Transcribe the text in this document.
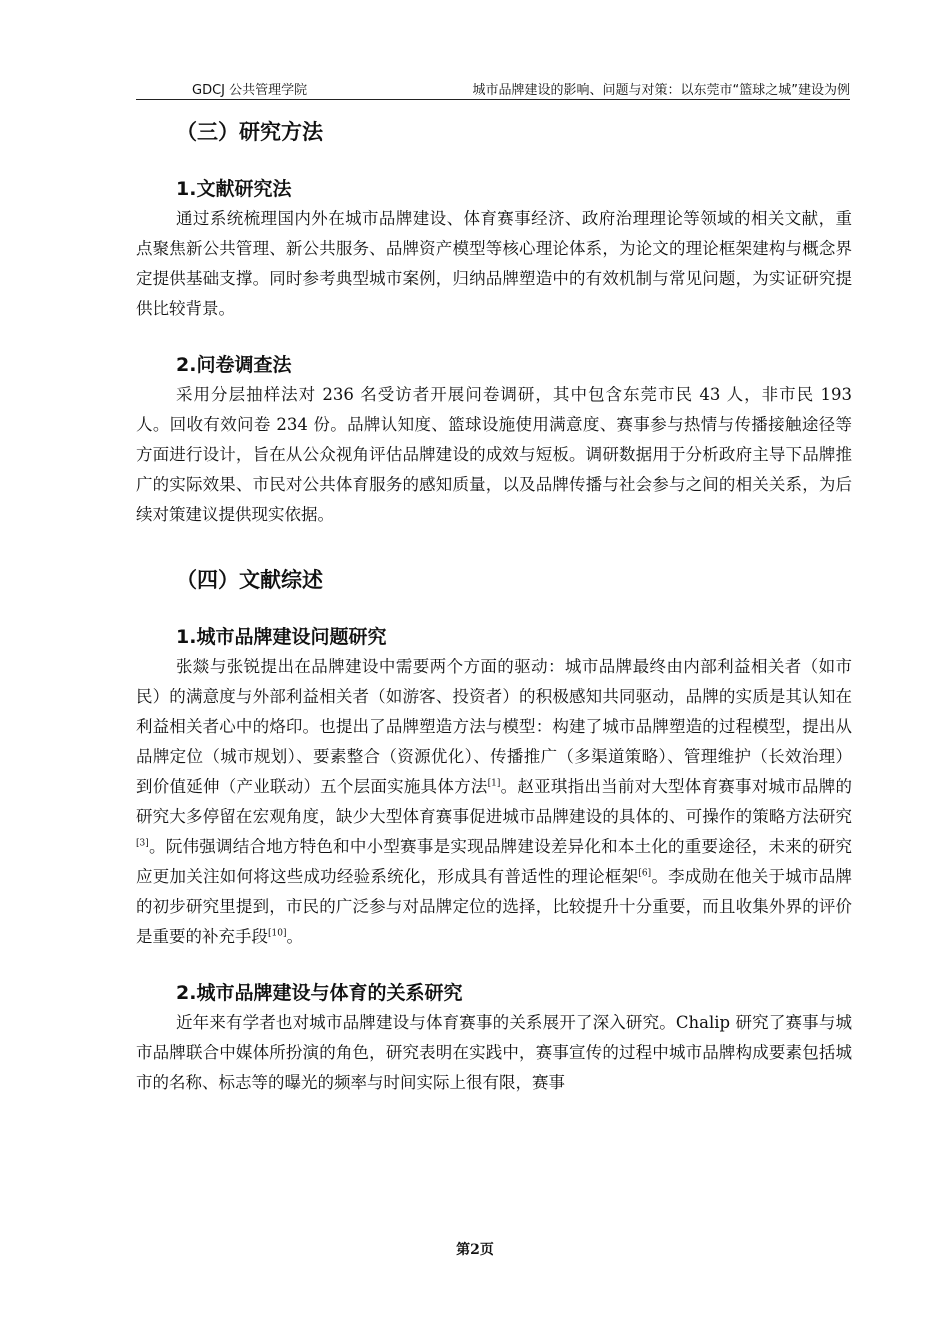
GDCJ 公共管理学院	城市品牌建设的影响、问题与对策：以东莞市“篮球之城”建设为例
（三）研究方法
1.文献研究法

通过系统梳理国内外在城市品牌建设、体育赛事经济、政府治理理论等领域的相关文献，重点聚焦新公共管理、新公共服务、品牌资产模型等核心理论体系，为论文的理论框架建构与概念界定提供基础支撑。同时参考典型城市案例，归纳品牌塑造中的有效机制与常见问题，为实证研究提供比较背景。

2.问卷调查法

采用分层抽样法对 236 名受访者开展问卷调研，其中包含东莞市民 43 人，非市民 193 人。回收有效问卷 234 份。品牌认知度、篮球设施使用满意度、赛事参与热情与传播接触途径等方面进行设计，旨在从公众视角评估品牌建设的成效与短板。调研数据用于分析政府主导下品牌推广的实际效果、市民对公共体育服务的感知质量，以及品牌传播与社会参与之间的相关关系，为后续对策建议提供现实依据。

（四）文献综述
1.城市品牌建设问题研究

张燚与张锐提出在品牌建设中需要两个方面的驱动：城市品牌最终由内部利益相关者（如市民）的满意度与外部利益相关者（如游客、投资者）的积极感知共同驱动，品牌的实质是其认知在利益相关者心中的烙印。也提出了品牌塑造方法与模型：构建了城市品牌塑造的过程模型，提出从品牌定位（城市规划）、要素整合（资源优化）、传播推广（多渠道策略）、管理维护（长效治理）到价值延伸（产业联动）五个层面实施具体方法[1]。赵亚琪指出当前对大型体育赛事对城市品牌的研究大多停留在宏观角度，缺少大型体育赛事促进城市品牌建设的具体的、可操作的策略方法研究[3]。阮伟强调结合地方特色和中小型赛事是实现品牌建设差异化和本土化的重要途径，未来的研究应更加关注如何将这些成功经验系统化，形成具有普适性的理论框架[6]。李成勋在他关于城市品牌的初步研究里提到，市民的广泛参与对品牌定位的选择，比较提升十分重要，而且收集外界的评价是重要的补充手段[10]。

2.城市品牌建设与体育的关系研究

近年来有学者也对城市品牌建设与体育赛事的关系展开了深入研究。Chalip 研究了赛事与城市品牌联合中媒体所扮演的角色，研究表明在实践中，赛事宣传的过程中城市品牌构成要素包括城市的名称、标志等的曝光的频率与时间实际上很有限，赛事

第2页
